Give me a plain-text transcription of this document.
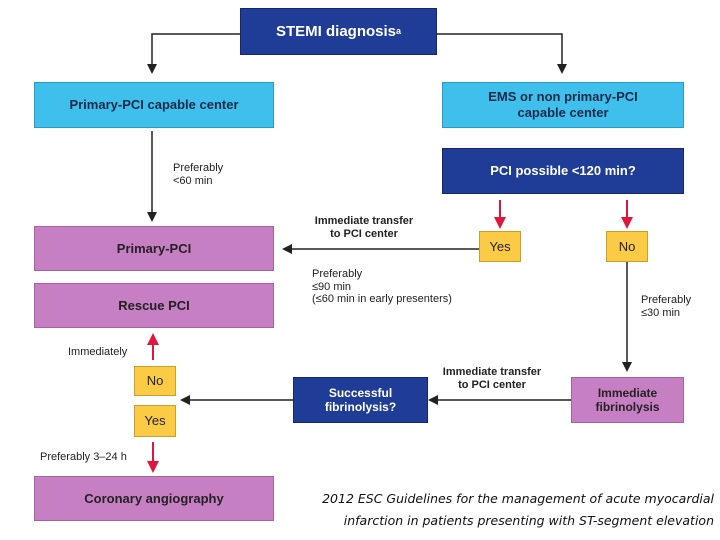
STEMI diagnosis a
Primary-PCI capable center
EMS or non primary-PCI capable center
PCI possible <120 min?
Primary-PCI	Yes	No
Rescue PCI
No
Yes
Successful fibrinolysis?
Immediate fibrinolysis
Coronary angiography
Preferably
<60 min
Immediate transfer
to PCI center
Preferably
≤90 min
(≤60 min in early presenters)	Preferably
≤30 min
Immediately
Immediate transfer
to PCI center
Preferably 3–24 h
2012 ESC Guidelines for the management of acute myocardial
infarction in patients presenting with ST-segment elevation
